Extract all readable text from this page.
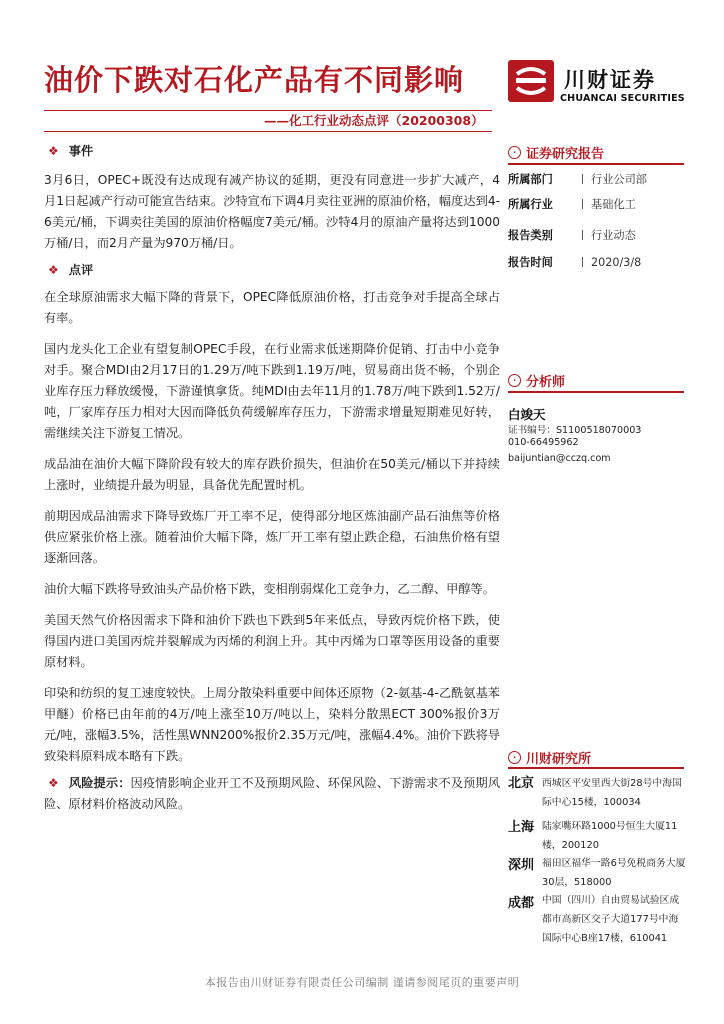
油价下跌对石化产品有不同影响	川财证券
CHUANCAI SECURITIES
——化工行业动态点评（20200308）
❖ 事件

3月6日，OPEC+既没有达成现有减产协议的延期，更没有同意进一步扩大减产，4月1日起减产行动可能宣告结束。沙特宣布下调4月卖往亚洲的原油价格，幅度达到4-6美元/桶，下调卖往美国的原油价格幅度7美元/桶。沙特4月的原油产量将达到1000万桶/日，而2月产量为970万桶/日。

❖ 点评

在全球原油需求大幅下降的背景下，OPEC降低原油价格，打击竞争对手提高全球占有率。

国内龙头化工企业有望复制OPEC手段，在行业需求低迷期降价促销、打击中小竞争对手。聚合MDI由2月17日的1.29万/吨下跌到1.19万/吨，贸易商出货不畅，个别企业库存压力释放缓慢，下游谨慎拿货。纯MDI由去年11月的1.78万/吨下跌到1.52万/吨，厂家库存压力相对大因而降低负荷缓解库存压力，下游需求增量短期难见好转，需继续关注下游复工情况。

成品油在油价大幅下降阶段有较大的库存跌价损失，但油价在50美元/桶以下并持续上涨时，业绩提升最为明显，具备优先配置时机。

前期因成品油需求下降导致炼厂开工率不足，使得部分地区炼油副产品石油焦等价格供应紧张价格上涨。随着油价大幅下降，炼厂开工率有望止跌企稳，石油焦价格有望逐渐回落。

油价大幅下跌将导致油头产品价格下跌，变相削弱煤化工竞争力，乙二醇、甲醇等。

美国天然气价格因需求下降和油价下跌也下跌到5年来低点，导致丙烷价格下跌，使得国内进口美国丙烷并裂解成为丙烯的利润上升。其中丙烯为口罩等医用设备的重要原材料。

印染和纺织的复工速度较快。上周分散染料重要中间体还原物（2-氨基-4-乙酰氨基苯甲醚）价格已由年前的4万/吨上涨至10万/吨以上，染料分散黑ECT 300%报价3万元/吨，涨幅3.5%，活性黑WNN200%报价2.35万元/吨，涨幅4.4%。油价下跌将导致染料原料成本略有下跌。

❖ 风险提示：因疫情影响企业开工不及预期风险、环保风险、下游需求不及预期风险、原材料价格波动风险。

∙ 证券研究报告
所属部门	行业公司部
所属行业	基础化工
报告类别	行业动态
报告时间	2020/3/8
∙ 分析师
白竣天
证书编号：S1100518070003
010-66495962
baijuntian@cczq.com
∙ 川财研究所
北京 西城区平安里西大街28号中海国际中心15楼，100034
上海 陆家嘴环路1000号恒生大厦11楼，200120
深圳 福田区福华一路6号免税商务大厦30层，518000
成都 中国（四川）自由贸易试验区成都市高新区交子大道177号中海国际中心B座17楼，610041
本报告由川财证券有限责任公司编制 谨请参阅尾页的重要声明
